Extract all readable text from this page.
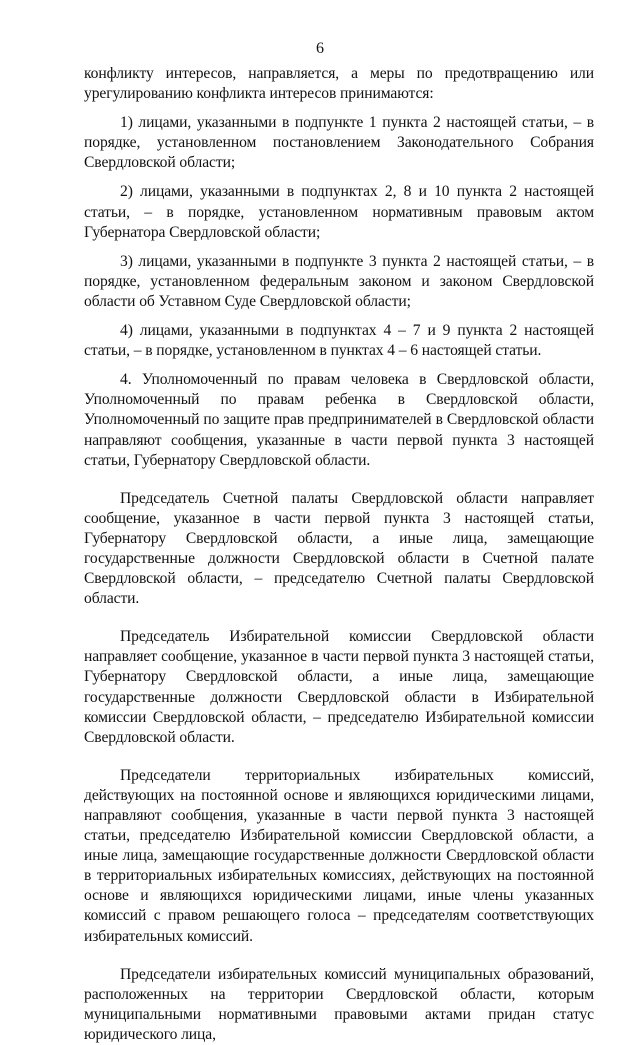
6

конфликту интересов, направляется, а меры по предотвращению или урегулированию конфликта интересов принимаются:

1) лицами, указанными в подпункте 1 пункта 2 настоящей статьи, – в порядке, установленном постановлением Законодательного Собрания Свердловской области;

2) лицами, указанными в подпунктах 2, 8 и 10 пункта 2 настоящей статьи, – в порядке, установленном нормативным правовым актом Губернатора Свердловской области;

3) лицами, указанными в подпункте 3 пункта 2 настоящей статьи, – в порядке, установленном федеральным законом и законом Свердловской области об Уставном Суде Свердловской области;

4) лицами, указанными в подпунктах 4 – 7 и 9 пункта 2 настоящей статьи, – в порядке, установленном в пунктах 4 – 6 настоящей статьи.

4. Уполномоченный по правам человека в Свердловской области, Уполномоченный по правам ребенка в Свердловской области, Уполномоченный по защите прав предпринимателей в Свердловской области направляют сообщения, указанные в части первой пункта 3 настоящей статьи, Губернатору Свердловской области.

Председатель Счетной палаты Свердловской области направляет сообщение, указанное в части первой пункта 3 настоящей статьи, Губернатору Свердловской области, а иные лица, замещающие государственные должности Свердловской области в Счетной палате Свердловской области, – председателю Счетной палаты Свердловской области.

Председатель Избирательной комиссии Свердловской области направляет сообщение, указанное в части первой пункта 3 настоящей статьи, Губернатору Свердловской области, а иные лица, замещающие государственные должности Свердловской области в Избирательной комиссии Свердловской области, – председателю Избирательной комиссии Свердловской области.

Председатели территориальных избирательных комиссий, действующих на постоянной основе и являющихся юридическими лицами, направляют сообщения, указанные в части первой пункта 3 настоящей статьи, председателю Избирательной комиссии Свердловской области, а иные лица, замещающие государственные должности Свердловской области в территориальных избирательных комиссиях, действующих на постоянной основе и являющихся юридическими лицами, иные члены указанных комиссий с правом решающего голоса – председателям соответствующих избирательных комиссий.

Председатели избирательных комиссий муниципальных образований, расположенных на территории Свердловской области, которым муниципальными нормативными правовыми актами придан статус юридического лица,
